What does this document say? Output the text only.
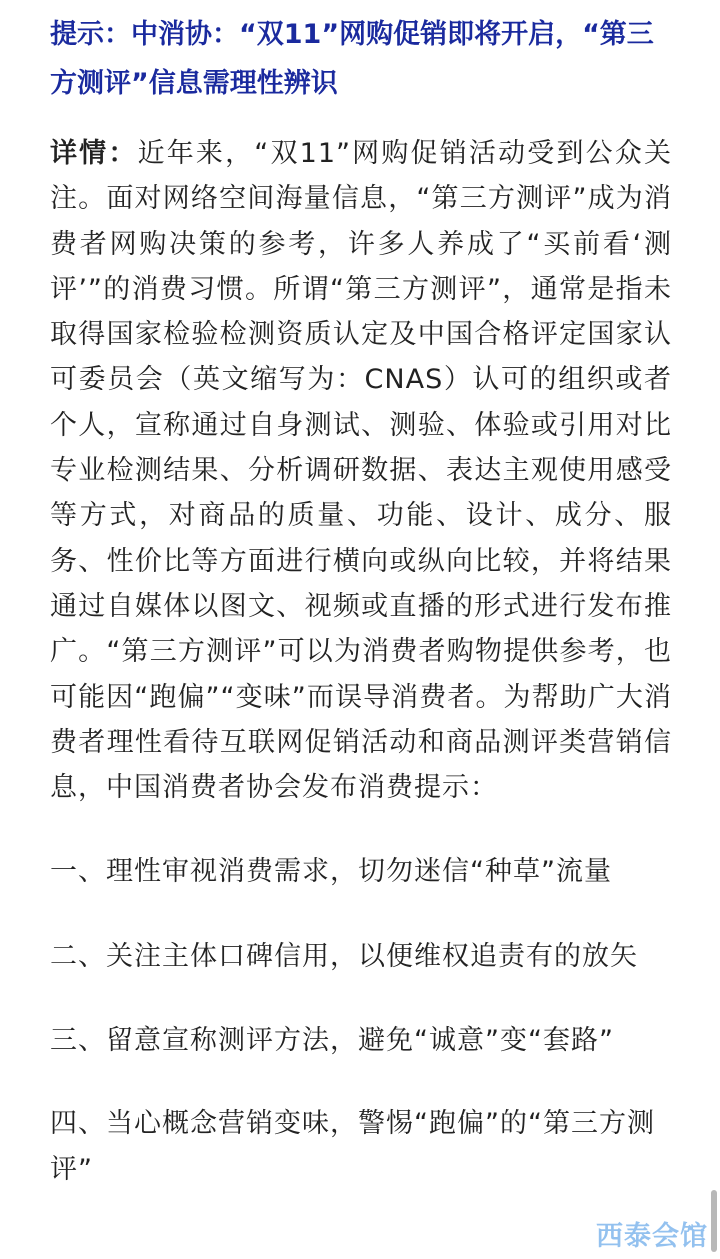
提示：中消协：“双11”网购促销即将开启，“第三方测评”信息需理性辨识

详情：近年来，“双11”网购促销活动受到公众关注。面对网络空间海量信息，“第三方测评”成为消费者网购决策的参考，许多人养成了“买前看‘测评’”的消费习惯。所谓“第三方测评”，通常是指未取得国家检验检测资质认定及中国合格评定国家认可委员会（英文缩写为：CNAS）认可的组织或者个人，宣称通过自身测试、测验、体验或引用对比专业检测结果、分析调研数据、表达主观使用感受等方式，对商品的质量、功能、设计、成分、服务、性价比等方面进行横向或纵向比较，并将结果通过自媒体以图文、视频或直播的形式进行发布推广。“第三方测评”可以为消费者购物提供参考，也可能因“跑偏”“变味”而误导消费者。为帮助广大消费者理性看待互联网促销活动和商品测评类营销信息，中国消费者协会发布消费提示：

一、理性审视消费需求，切勿迷信“种草”流量
二、关注主体口碑信用，以便维权追责有的放矢
三、留意宣称测评方法，避免“诚意”变“套路”
四、当心概念营销变味，警惕“跑偏”的“第三方测评”
西泰会馆
